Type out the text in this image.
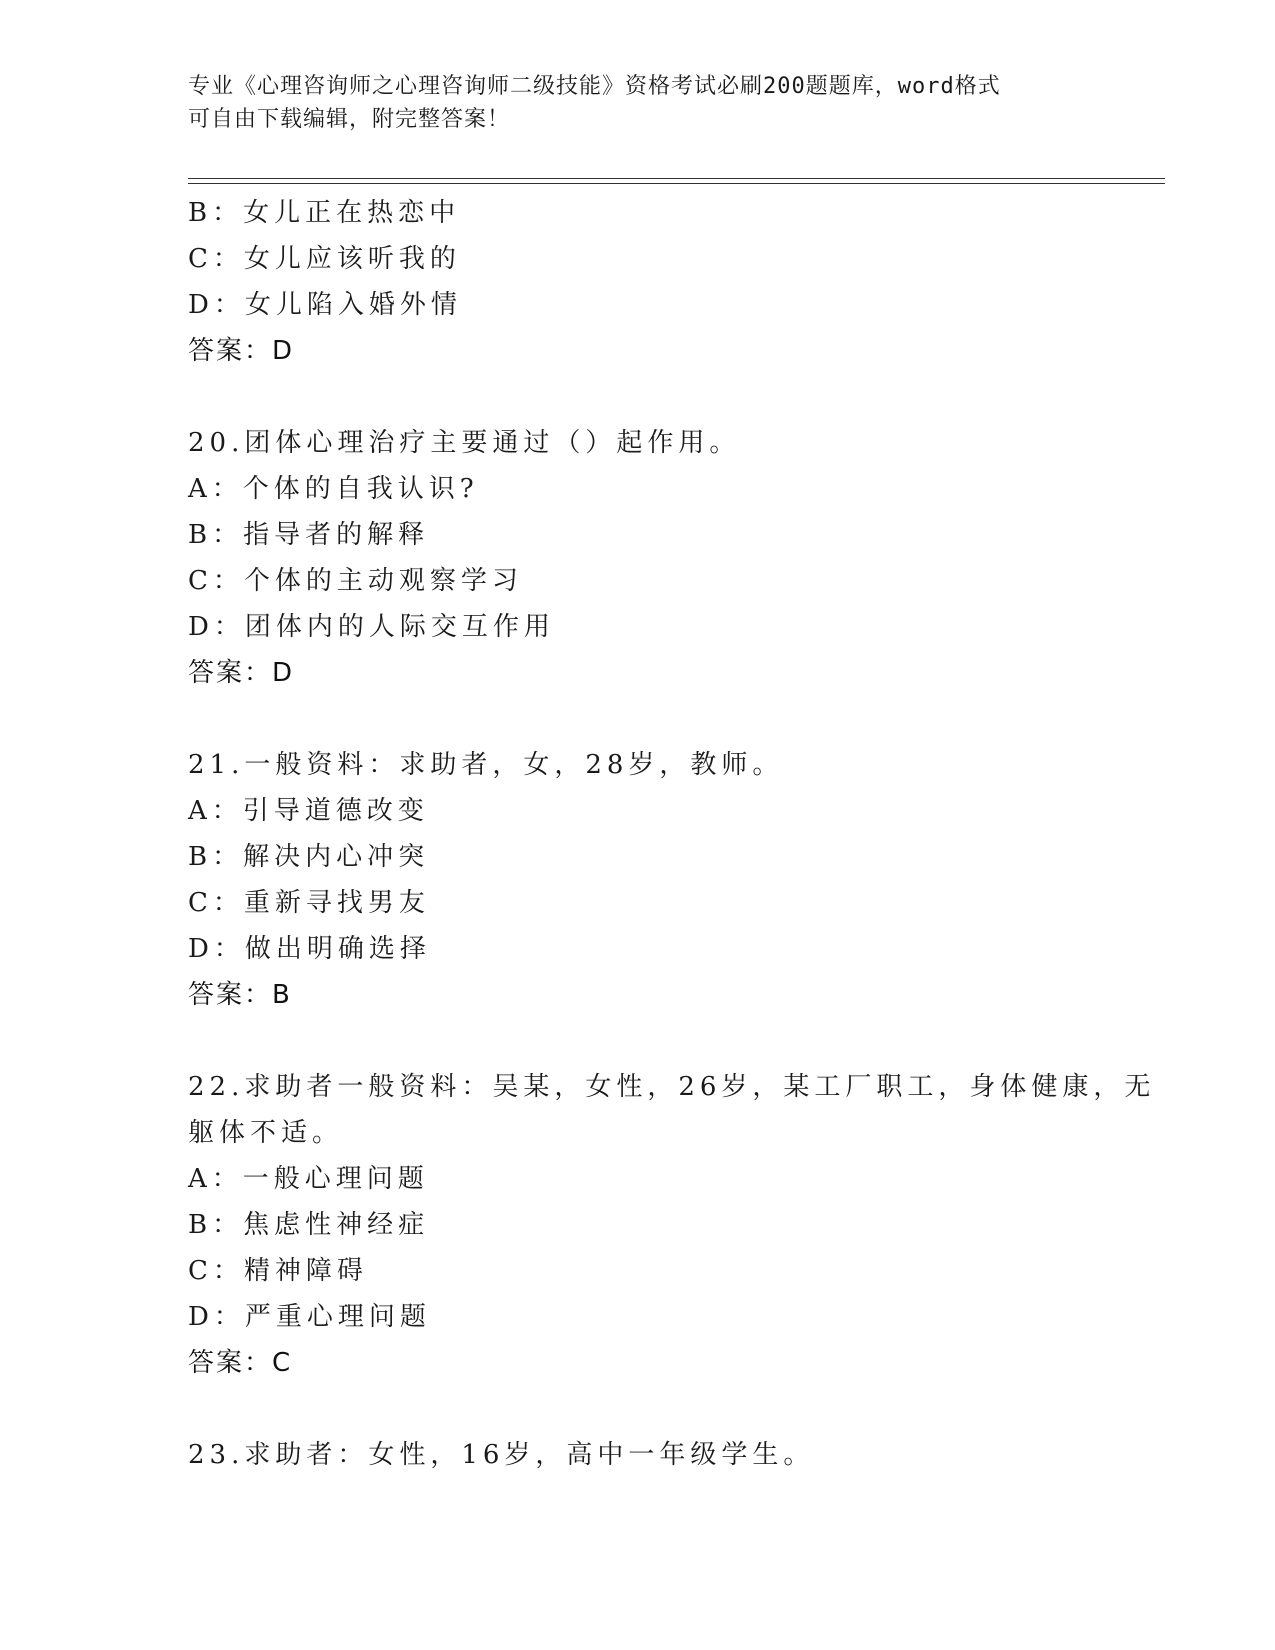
专业《心理咨询师之心理咨询师二级技能》资格考试必刷200题题库，word格式
可自由下载编辑，附完整答案！
B：女儿正在热恋中
C：女儿应该听我的
D：女儿陷入婚外情
答案：D
20.团体心理治疗主要通过（）起作用。
A：个体的自我认识?
B：指导者的解释
C：个体的主动观察学习
D：团体内的人际交互作用
答案：D
21.一般资料：求助者，女，28岁，教师。
A：引导道德改变
B：解决内心冲突
C：重新寻找男友
D：做出明确选择
答案：B
22.求助者一般资料：吴某，女性，26岁，某工厂职工，身体健康，无
躯体不适。
A：一般心理问题
B：焦虑性神经症
C：精神障碍
D：严重心理问题
答案：C
23.求助者：女性，16岁，高中一年级学生。
